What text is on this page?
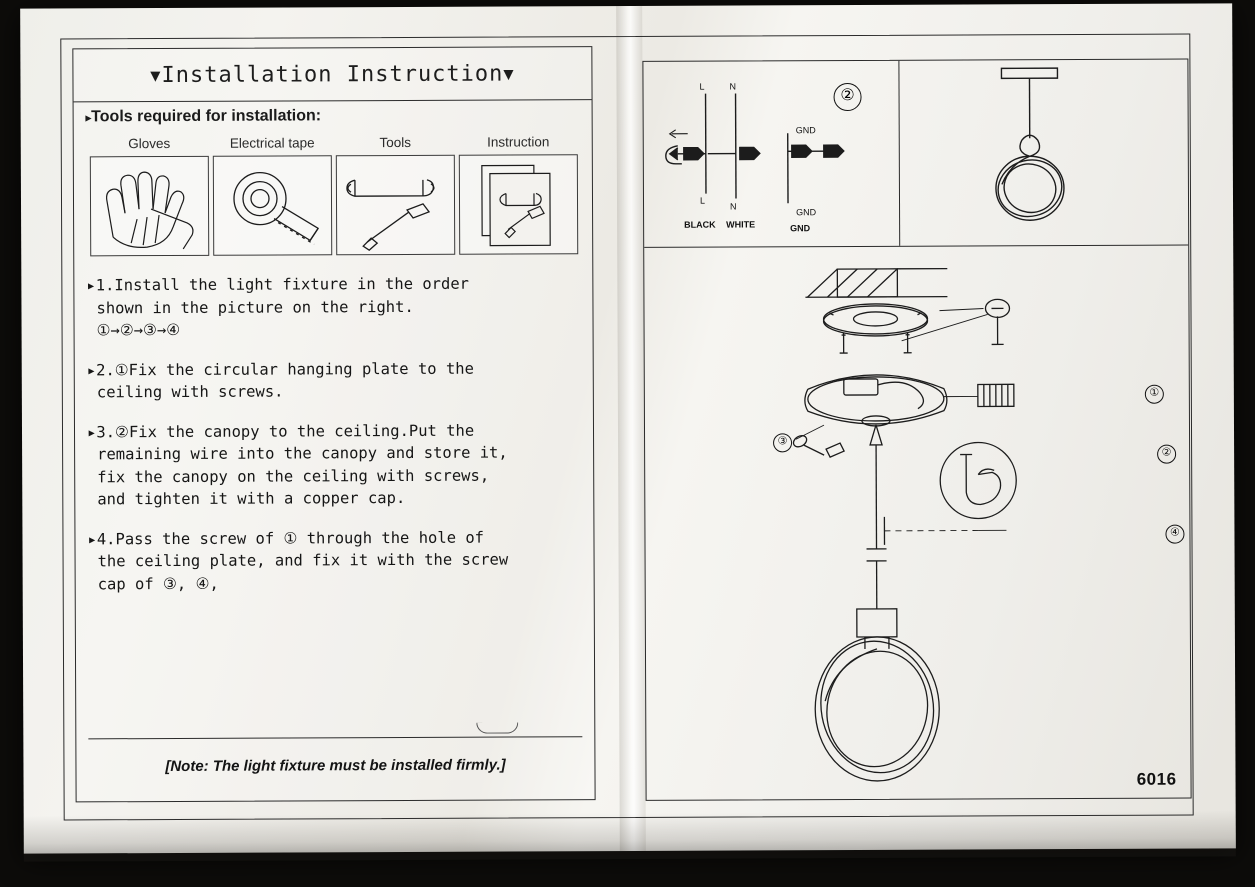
▼Installation Instruction▼
▸Tools required for installation:
Gloves	Electrical tape	Tools	Instruction
▸1.Install the light fixture in the order
shown in the picture on the right.
①→②→③→④
▸2.①Fix the circular hanging plate to the
ceiling with screws.
▸3.②Fix the canopy to the ceiling.Put the
remaining wire into the canopy and store it,
fix the canopy on the ceiling with screws,
and tighten it with a copper cap.
▸4.Pass the screw of ① through the hole of
the ceiling plate, and fix it with the screw
cap of ③, ④,
[Note: The light fixture must be installed firmly.]
L	N
GND
L
N
GND
BLACK WHITE	GND
②
①
②
③
④
6016
